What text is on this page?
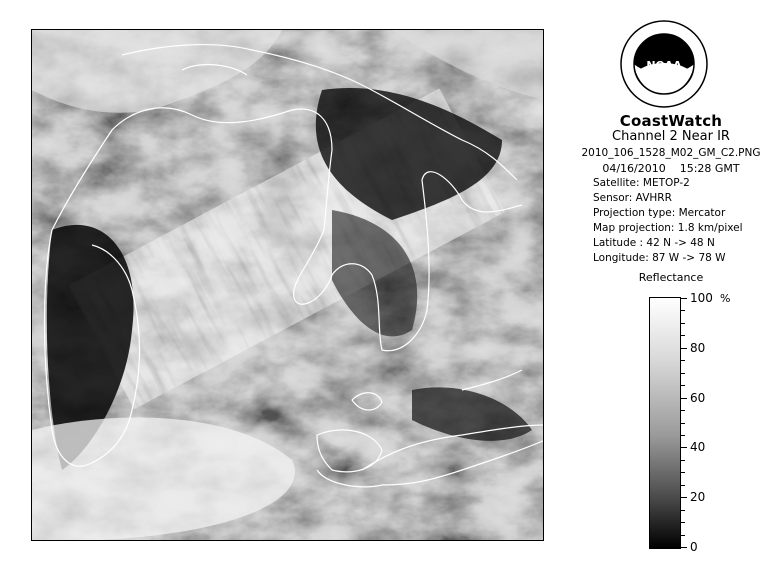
NOAA
CoastWatch
Channel 2 Near IR
2010_106_1528_M02_GM_C2.PNG
04/16/2010    15:28 GMT
Satellite: METOP-2
Sensor: AVHRR
Projection type: Mercator
Map projection: 1.8 km/pixel
Latitude : 42 N -> 48 N
Longitude: 87 W -> 78 W
Reflectance
%
100
80
60
40
20
0
